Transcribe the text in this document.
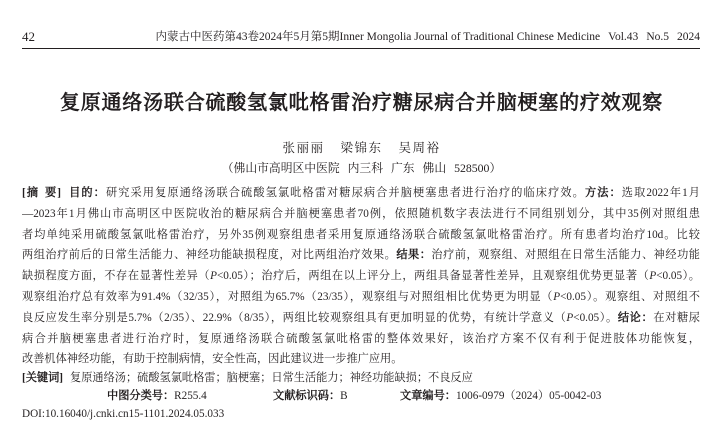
42	内蒙古中医药第43卷2024年5月第5期Inner Mongolia Journal of Traditional Chinese Medicine Vol.43 No.5 2024
复原通络汤联合硫酸氢氯吡格雷治疗糖尿病合并脑梗塞的疗效观察
张丽丽 梁锦东 吴周裕
（佛山市高明区中医院 内三科 广东 佛山 528500）
[摘 要] 目的：研究采用复原通络汤联合硫酸氢氯吡格雷对糖尿病合并脑梗塞患者进行治疗的临床疗效。方法：选取2022年1月
—2023年1月佛山市高明区中医院收治的糖尿病合并脑梗塞患者70例，依照随机数字表法进行不同组别划分，其中35例对照组患
者均单纯采用硫酸氢氯吡格雷治疗，另外35例观察组患者采用复原通络汤联合硫酸氢氯吡格雷治疗。所有患者均治疗10d。比较
两组治疗前后的日常生活能力、神经功能缺损程度，对比两组治疗效果。结果：治疗前，观察组、对照组在日常生活能力、神经功能
缺损程度方面，不存在显著性差异（P<0.05）；治疗后，两组在以上评分上，两组具备显著性差异，且观察组优势更显著（P<0.05）。
观察组治疗总有效率为91.4%（32/35），对照组为65.7%（23/35），观察组与对照组相比优势更为明显（P<0.05）。观察组、对照组不
良反应发生率分别是5.7%（2/35）、22.9%（8/35），两组比较观察组具有更加明显的优势，有统计学意义（P<0.05）。结论：在对糖尿
病合并脑梗塞患者进行治疗时，复原通络汤联合硫酸氢氯吡格雷的整体效果好，该治疗方案不仅有利于促进肢体功能恢复，
改善机体神经功能，有助于控制病情，安全性高，因此建议进一步推广应用。
[关键词] 复原通络汤；硫酸氢氯吡格雷；脑梗塞；日常生活能力；神经功能缺损；不良反应
中图分类号：R255.4	文献标识码：B	文章编号：1006-0979（2024）05-0042-03
DOI:10.16040/j.cnki.cn15-1101.2024.05.033
